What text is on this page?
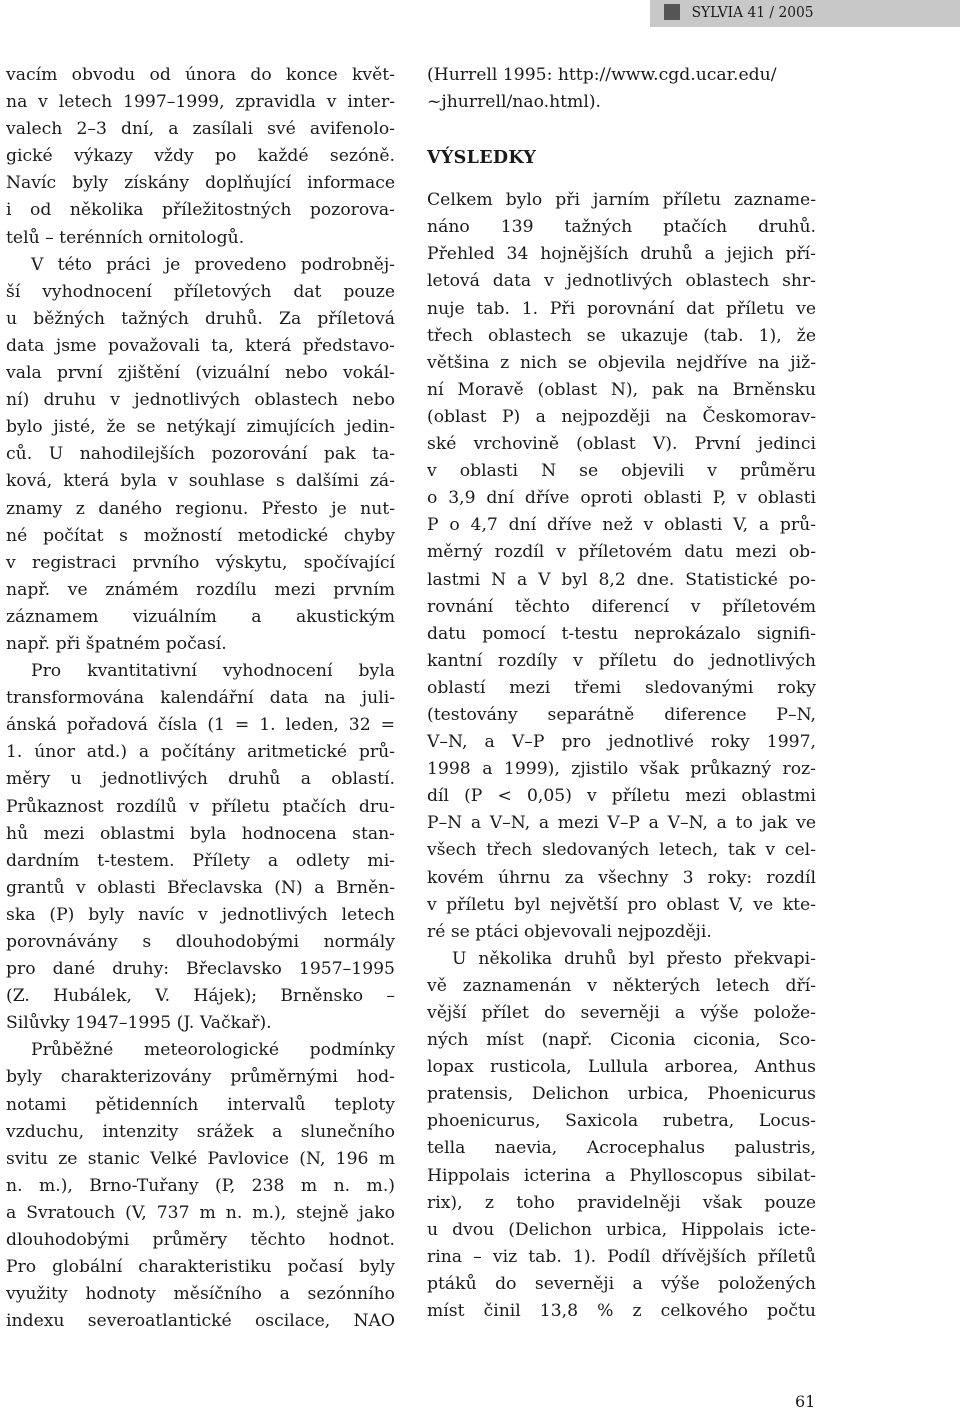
SYLVIA 41 / 2005
vacím obvodu od února do konce květ-
na v letech 1997–1999, zpravidla v inter-
valech 2–3 dní, a zasílali své avifenolo-
gické výkazy vždy po každé sezóně.
Navíc byly získány doplňující informace
i od několika příležitostných pozorova-
telů – terénních ornitologů.
V této práci je provedeno podrobněj-
ší vyhodnocení příletových dat pouze
u běžných tažných druhů. Za příletová
data jsme považovali ta, která představo-
vala první zjištění (vizuální nebo vokál-
ní) druhu v jednotlivých oblastech nebo
bylo jisté, že se netýkají zimujících jedin-
ců. U nahodilejších pozorování pak ta-
ková, která byla v souhlase s dalšími zá-
znamy z daného regionu. Přesto je nut-
né počítat s možností metodické chyby
v registraci prvního výskytu, spočívající
např. ve známém rozdílu mezi prvním
záznamem vizuálním a akustickým
např. při špatném počasí.
Pro kvantitativní vyhodnocení byla
transformována kalendářní data na juli-
ánská pořadová čísla (1 = 1. leden, 32 =
1. únor atd.) a počítány aritmetické prů-
měry u jednotlivých druhů a oblastí.
Průkaznost rozdílů v příletu ptačích dru-
hů mezi oblastmi byla hodnocena stan-
dardním t-testem. Přílety a odlety mi-
grantů v oblasti Břeclavska (N) a Brněn-
ska (P) byly navíc v jednotlivých letech
porovnávány s dlouhodobými normály
pro dané druhy: Břeclavsko 1957–1995
(Z. Hubálek, V. Hájek); Brněnsko –
Silůvky 1947–1995 (J. Vačkař).
Průběžné meteorologické podmínky
byly charakterizovány průměrnými hod-
notami pětidenních intervalů teploty
vzduchu, intenzity srážek a slunečního
svitu ze stanic Velké Pavlovice (N, 196 m
n. m.), Brno-Tuřany (P, 238 m n. m.)
a Svratouch (V, 737 m n. m.), stejně jako
dlouhodobými průměry těchto hodnot.
Pro globální charakteristiku počasí byly
využity hodnoty měsíčního a sezónního
indexu severoatlantické oscilace, NAO
(Hurrell 1995: http://www.cgd.ucar.edu/
~jhurrell/nao.html).
VÝSLEDKY
Celkem bylo při jarním příletu zazname-
náno 139 tažných ptačích druhů.
Přehled 34 hojnějších druhů a jejich pří-
letová data v jednotlivých oblastech shr-
nuje tab. 1. Při porovnání dat příletu ve
třech oblastech se ukazuje (tab. 1), že
většina z nich se objevila nejdříve na již-
ní Moravě (oblast N), pak na Brněnsku
(oblast P) a nejpozději na Českomorav-
ské vrchovině (oblast V). První jedinci
v oblasti N se objevili v průměru
o 3,9 dní dříve oproti oblasti P, v oblasti
P o 4,7 dní dříve než v oblasti V, a prů-
měrný rozdíl v příletovém datu mezi ob-
lastmi N a V byl 8,2 dne. Statistické po-
rovnání těchto diferencí v příletovém
datu pomocí t-testu neprokázalo signifi-
kantní rozdíly v příletu do jednotlivých
oblastí mezi třemi sledovanými roky
(testovány separátně diference P–N,
V–N, a V–P pro jednotlivé roky 1997,
1998 a 1999), zjistilo však průkazný roz-
díl (P < 0,05) v příletu mezi oblastmi
P–N a V–N, a mezi V–P a V–N, a to jak ve
všech třech sledovaných letech, tak v cel-
kovém úhrnu za všechny 3 roky: rozdíl
v příletu byl největší pro oblast V, ve kte-
ré se ptáci objevovali nejpozději.
U několika druhů byl přesto překvapi-
vě zaznamenán v některých letech dří-
vější přílet do severněji a výše polože-
ných míst (např. Ciconia ciconia, Sco-
lopax rusticola, Lullula arborea, Anthus
pratensis, Delichon urbica, Phoenicurus
phoenicurus, Saxicola rubetra, Locus-
tella naevia, Acrocephalus palustris,
Hippolais icterina a Phylloscopus sibilat-
rix), z toho pravidelněji však pouze
u dvou (Delichon urbica, Hippolais icte-
rina – viz tab. 1). Podíl dřívějších příletů
ptáků do severněji a výše položených
míst činil 13,8 % z celkového počtu
61
